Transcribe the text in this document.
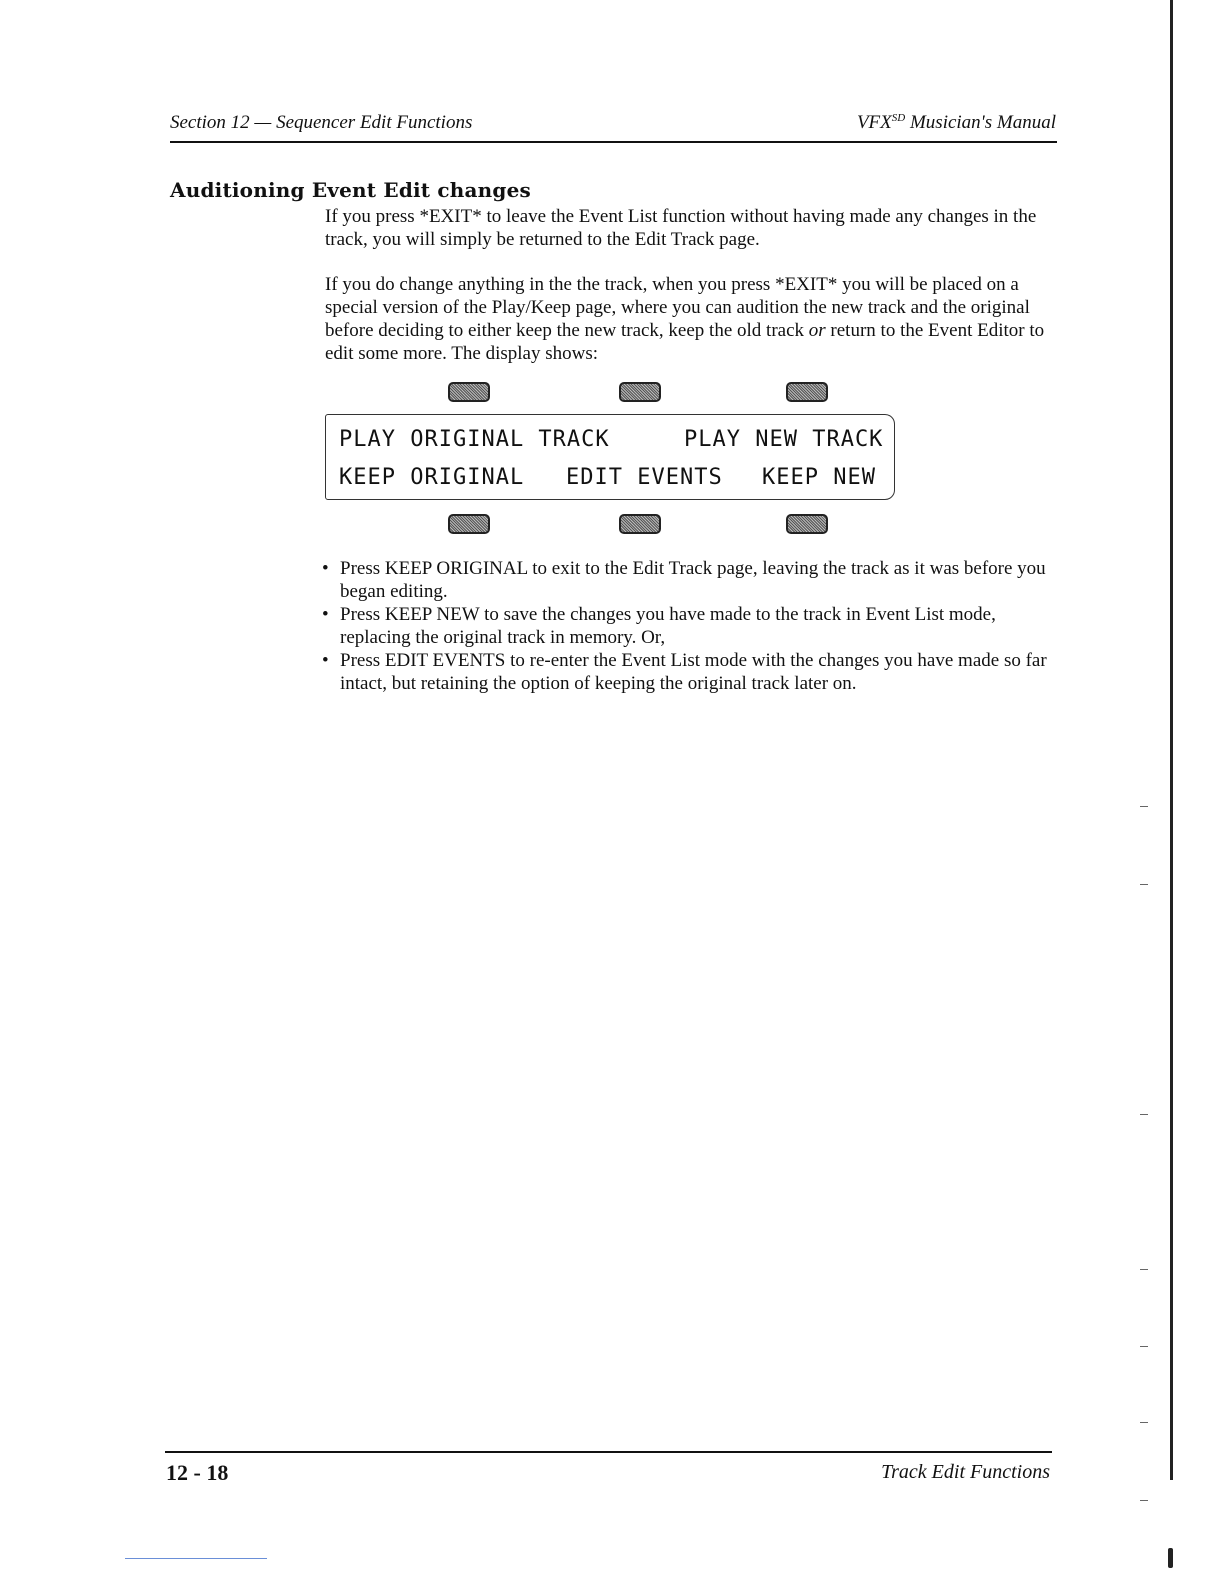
Section 12 — Sequencer Edit Functions	$VFX^{SD}$ Musician's Manual
Auditioning Event Edit changes
If you press *EXIT* to leave the Event List function without having made any changes in the track, you will simply be returned to the Edit Track page.
If you do change anything in the the track, when you press *EXIT* you will be placed on a special version of the Play/Keep page, where you can audition the new track and the original before deciding to either keep the new track, keep the old track or return to the Event Editor to edit some more. The display shows:
PLAY ORIGINAL TRACK	PLAY NEW TRACK
KEEP ORIGINAL EDIT EVENTS KEEP NEW
• Press KEEP ORIGINAL to exit to the Edit Track page, leaving the track as it was before you began editing.
• Press KEEP NEW to save the changes you have made to the track in Event List mode, replacing the original track in memory. Or,
• Press EDIT EVENTS to re-enter the Event List mode with the changes you have made so far intact, but retaining the option of keeping the original track later on.
12 - 18	Track Edit Functions
